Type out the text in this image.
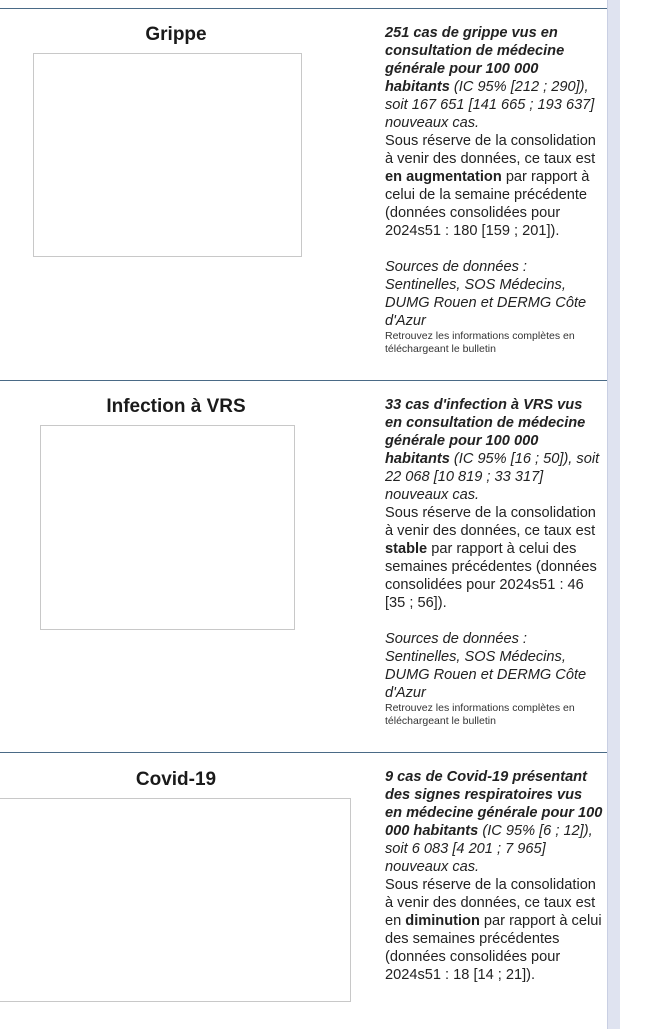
Grippe	251 cas de grippe vus en consultation de médecine générale pour 100 000 habitants (IC 95% [212 ; 290]), soit 167 651 [141 665 ; 193 637] nouveaux cas.

Sous réserve de la consolidation à venir des données, ce taux est en augmentation par rapport à celui de la semaine précédente (données consolidées pour 2024s51 : 180 [159 ; 201]).

Sources de données : Sentinelles, SOS Médecins, DUMG Rouen et DERMG Côte d'Azur

Retrouvez les informations complètes en téléchargeant le bulletin

Infection à VRS	33 cas d'infection à VRS vus en consultation de médecine générale pour 100 000 habitants (IC 95% [16 ; 50]), soit 22 068 [10 819 ; 33 317] nouveaux cas.

Sous réserve de la consolidation à venir des données, ce taux est stable par rapport à celui des semaines précédentes (données consolidées pour 2024s51 : 46 [35 ; 56]).

Sources de données : Sentinelles, SOS Médecins, DUMG Rouen et DERMG Côte d'Azur

Retrouvez les informations complètes en téléchargeant le bulletin

Covid-19	9 cas de Covid-19 présentant des signes respiratoires vus en médecine générale pour 100 000 habitants (IC 95% [6 ; 12]), soit 6 083 [4 201 ; 7 965] nouveaux cas.

Sous réserve de la consolidation à venir des données, ce taux est en diminution par rapport à celui des semaines précédentes (données consolidées pour 2024s51 : 18 [14 ; 21]).
